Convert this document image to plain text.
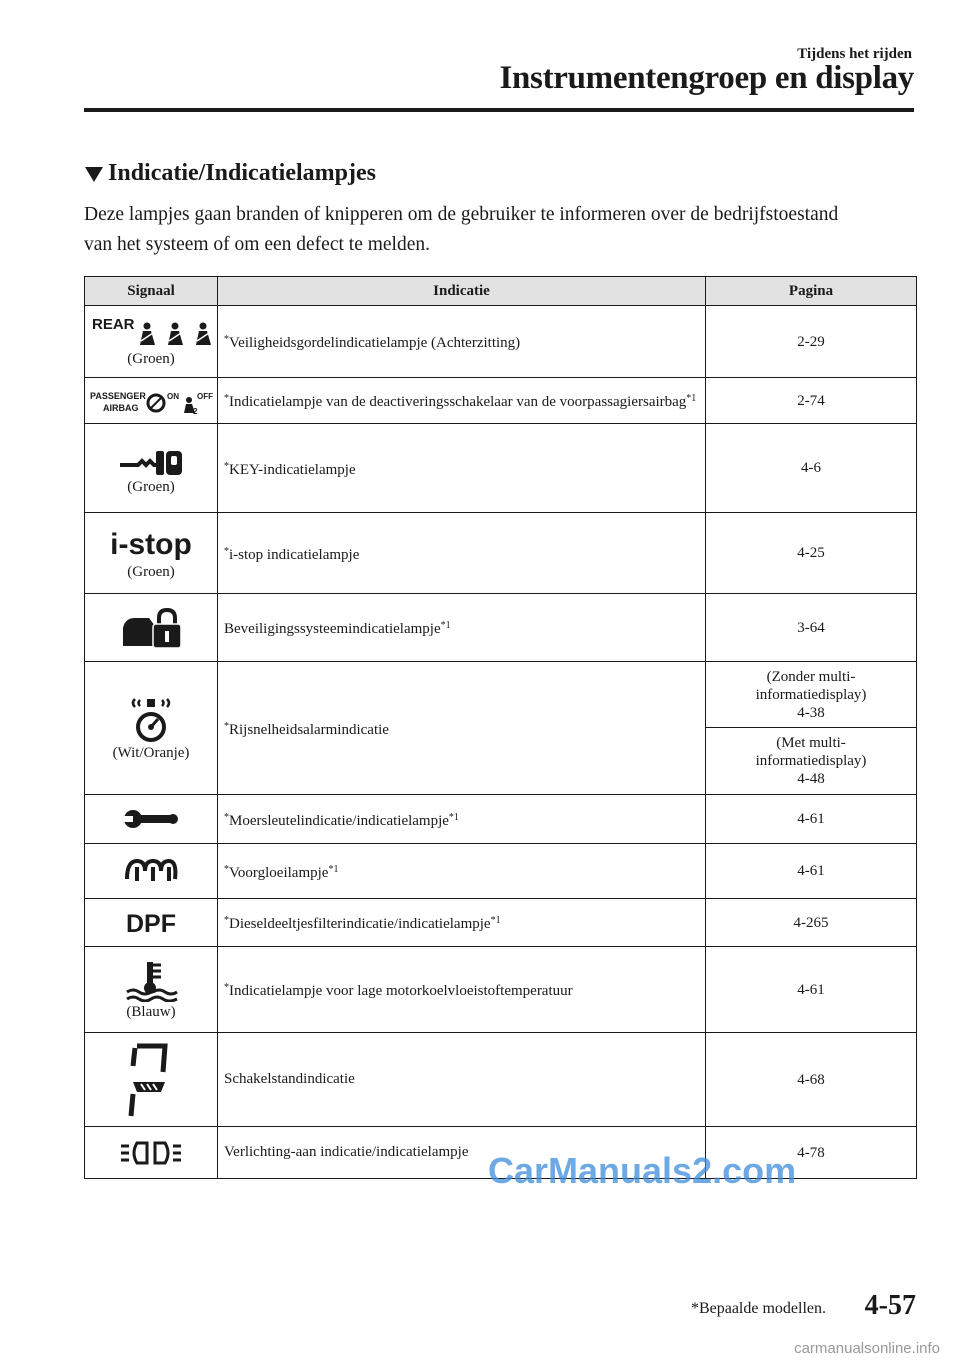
Tijdens het rijden
Instrumentengroep en display
Indicatie/Indicatielampjes
Deze lampjes gaan branden of knipperen om de gebruiker te informeren over de bedrijfstoestand van het systeem of om een defect te melden.
Signaal	Indicatie	Pagina

REAR
(Groen)	*Veiligheidsgordelindicatielampje (Achterzitting)	2-29

PASSENGER
AIRBAG
ON OFF
2	*Indicatielampje van de deactiveringsschakelaar van de voorpassagiersairbag$^{*1}$	2-74

(Groen)	*KEY-indicatielampje	4-6

i-stop
(Groen)	*i-stop indicatielampje	4-25
	Beveiligingssysteemindicatielampje$^{*1}$	3-64

(Wit/Oranje)	*Rijsnelheidsalarmindicatie	(Zonder multi-
informatiedisplay)
4-38

		(Met multi-
informatiedisplay)
4-48

	*Moersleutelindicatie/indicatielampje$^{*1}$	4-61
	*Voorgloeilampje$^{*1}$	4-61

DPF	*Dieseldeeltjesfilterindicatie/indicatielampje$^{*1}$	4-265

(Blauw)	*Indicatielampje voor lage motorkoelvloeistoftemperatuur	4-61
	Schakelstandindicatie	4-68
	Verlichting-aan indicatie/indicatielampje	4-78
CarManuals2.com
*Bepaalde modellen. 4-57
carmanualsonline.info
